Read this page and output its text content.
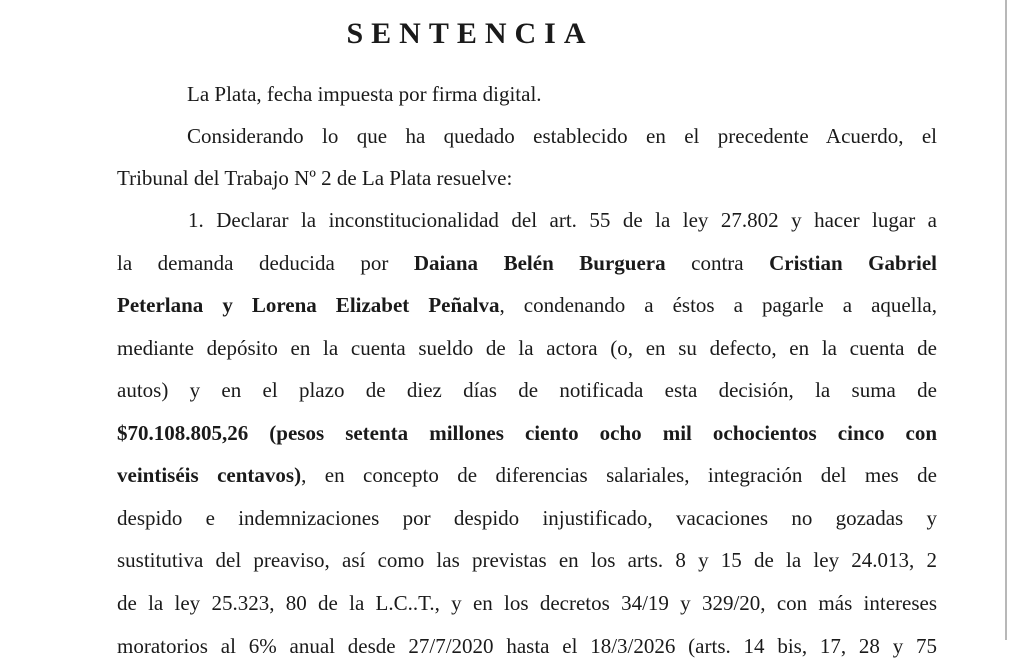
SENTENCIA
La Plata, fecha impuesta por firma digital.
Considerando lo que ha quedado establecido en el precedente Acuerdo, el
Tribunal del Trabajo Nº 2 de La Plata resuelve:
1. Declarar la inconstitucionalidad del art. 55 de la ley 27.802 y hacer lugar a
la demanda deducida por Daiana Belén Burguera contra Cristian Gabriel
Peterlana y Lorena Elizabet Peñalva, condenando a éstos a pagarle a aquella,
mediante depósito en la cuenta sueldo de la actora (o, en su defecto, en la cuenta de
autos) y en el plazo de diez días de notificada esta decisión, la suma de
$70.108.805,26 (pesos setenta millones ciento ocho mil ochocientos cinco con
veintiséis centavos), en concepto de diferencias salariales, integración del mes de
despido e indemnizaciones por despido injustificado, vacaciones no gozadas y
sustitutiva del preaviso, así como las previstas en los arts. 8 y 15 de la ley 24.013, 2
de la ley 25.323, 80 de la L.C..T., y en los decretos 34/19 y 329/20, con más intereses
moratorios al 6% anual desde 27/7/2020 hasta el 18/3/2026 (arts. 14 bis, 17, 28 y 75
